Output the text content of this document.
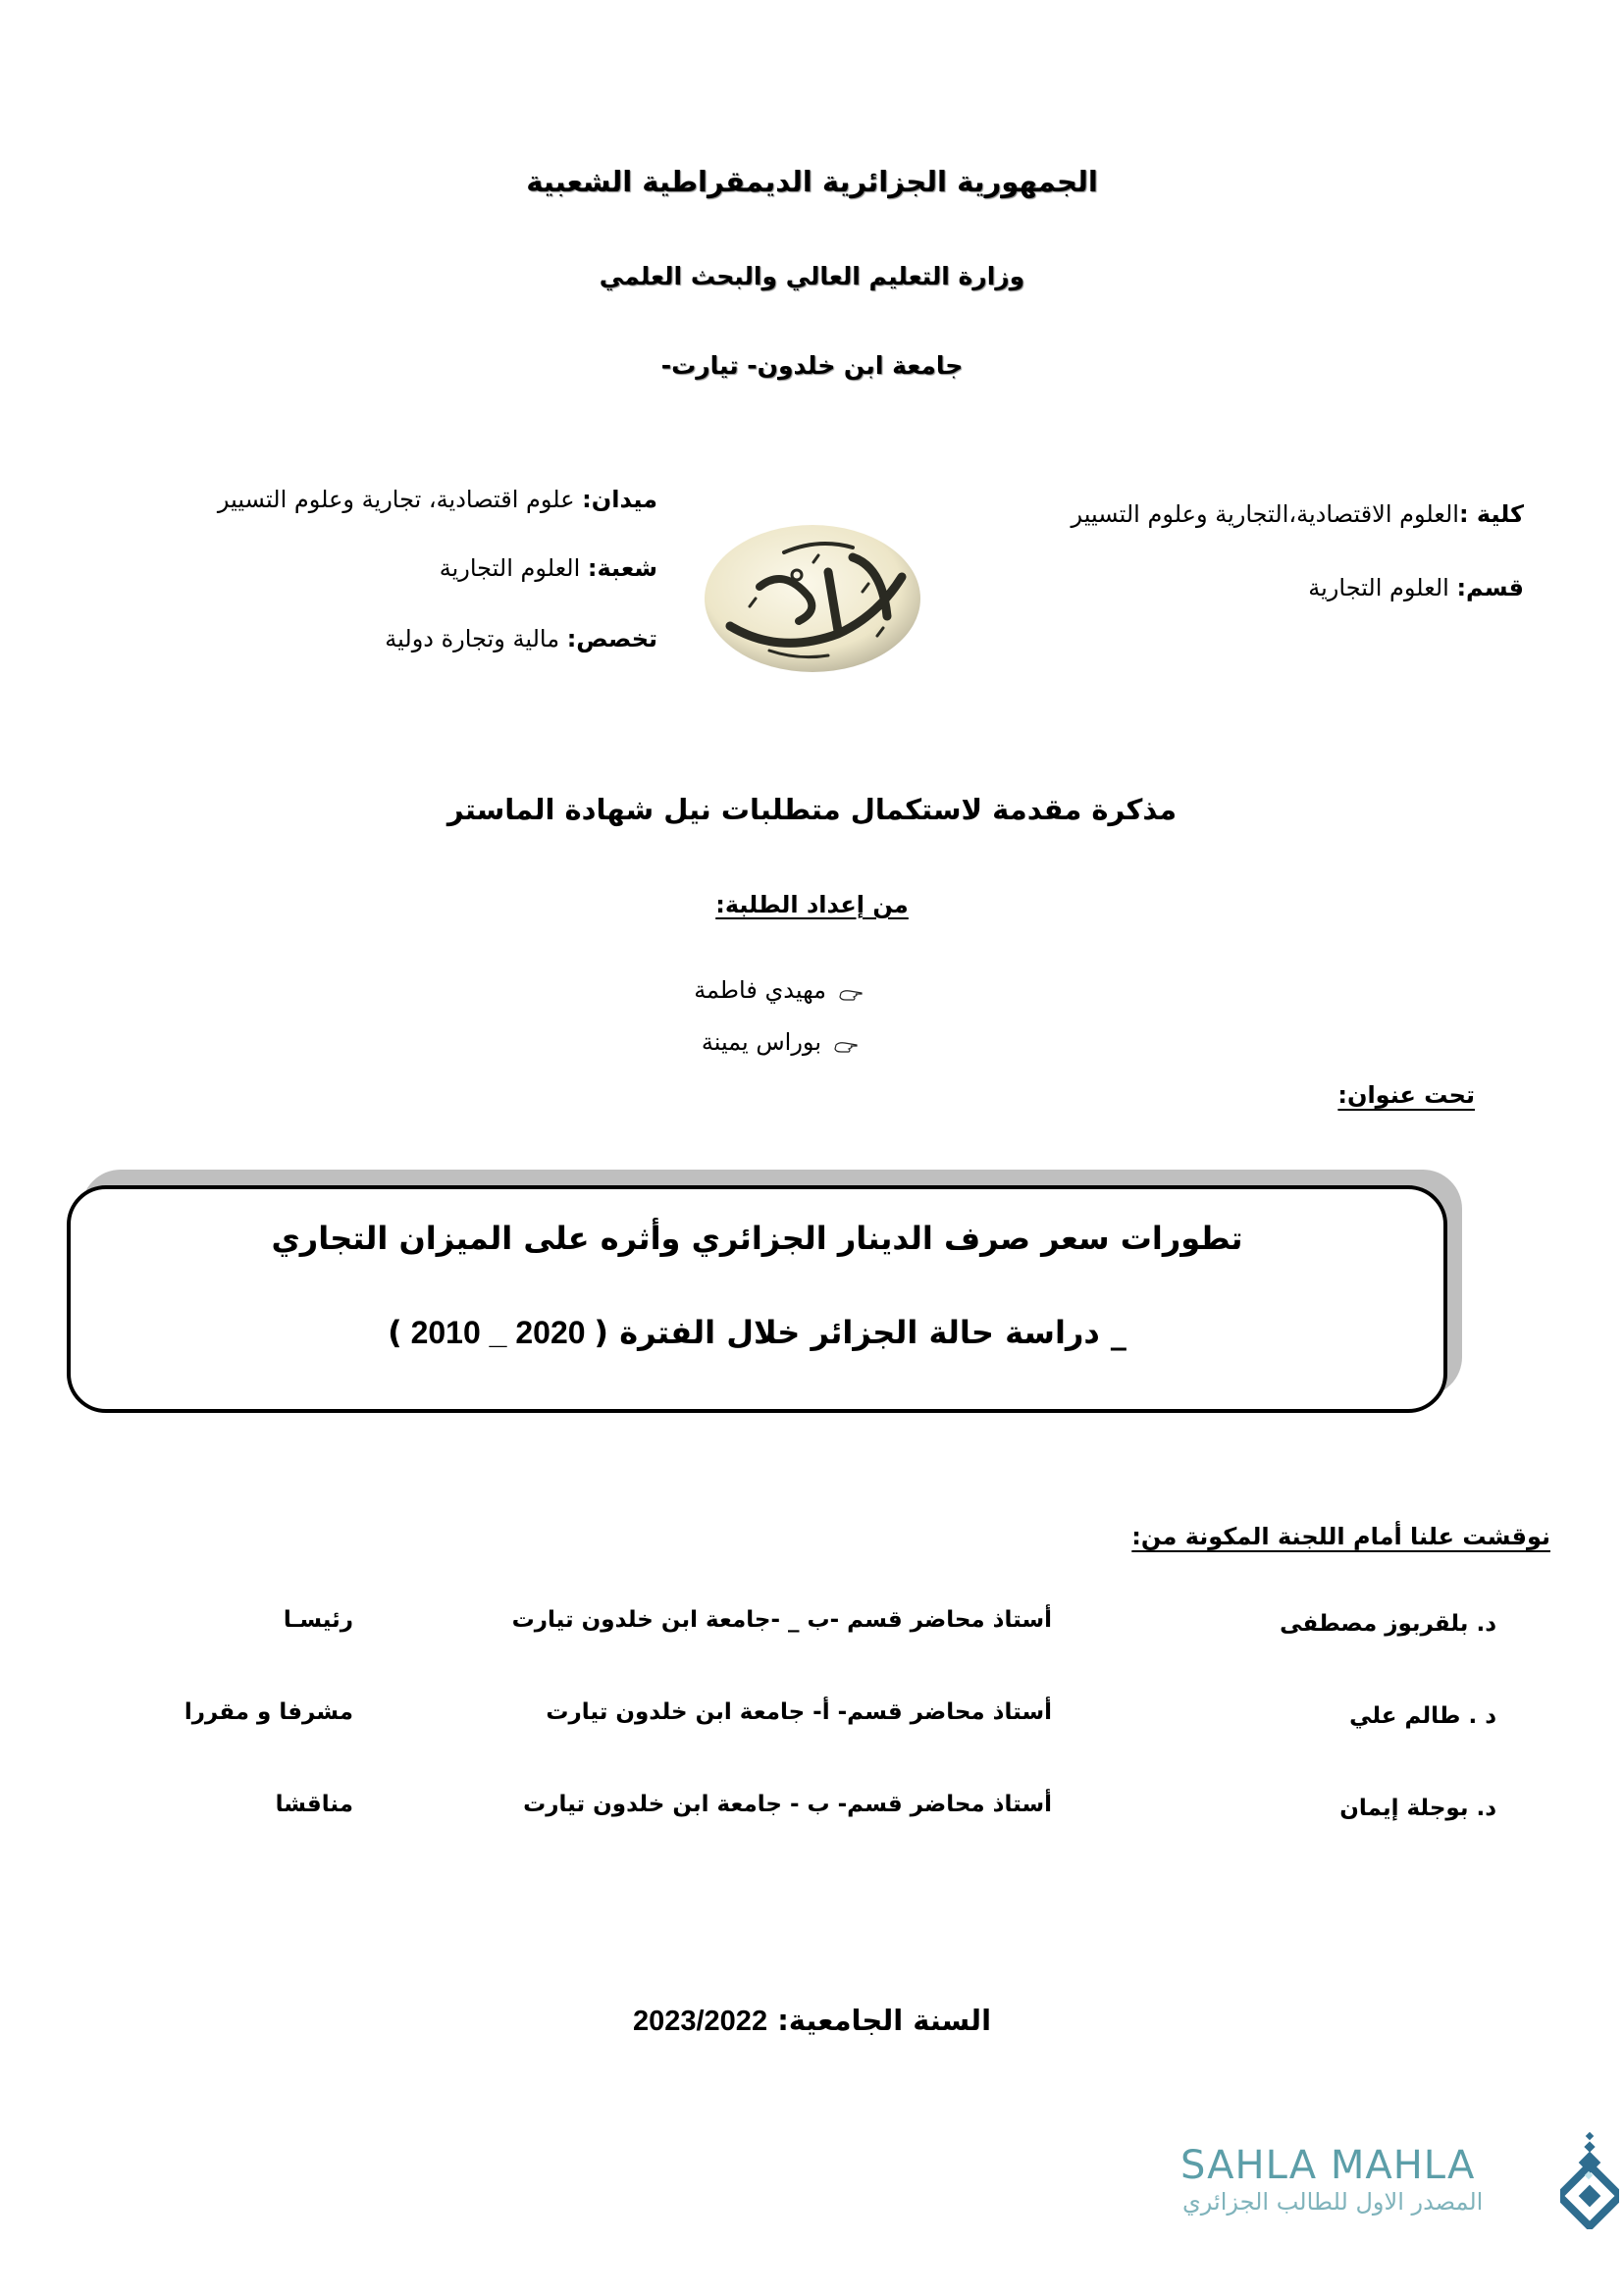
الجمهورية الجزائرية الديمقراطية الشعبية
وزارة التعليم العالي والبحث العلمي
جامعة ابن خلدون- تيارت-
كلية :العلوم الاقتصادية،التجارية وعلوم التسيير
قسم: العلوم التجارية
ميدان: علوم اقتصادية، تجارية وعلوم التسيير
شعبة: العلوم التجارية
تخصص: مالية وتجارة دولية
مذكرة مقدمة لاستكمال متطلبات نيل شهادة الماستر
من إعداد الطلبة:
مهيدي فاطمة
بوراس يمينة
تحت عنوان:
تطورات سعر صرف الدينار الجزائري وأثره على الميزان التجاري
_ دراسة حالة الجزائر خلال الفترة ( 2010 _ 2020 )
نوقشت علنا أمام اللجنة المكونة من:
د. بلقربوز مصطفى
أستاذ محاضر قسم -ب _ -جامعة ابن خلدون تيارت
رئيسـا
د . طالم علي
أستاذ محاضر قسم- أ- جامعة ابن خلدون تيارت
مشرفا و مقررا
د. بوجلة إيمان
أستاذ محاضر قسم- ب - جامعة ابن خلدون تيارت
مناقشا
السنة الجامعية: 2023/2022
SAHLA MAHLA
المصدر الاول للطالب الجزائري
